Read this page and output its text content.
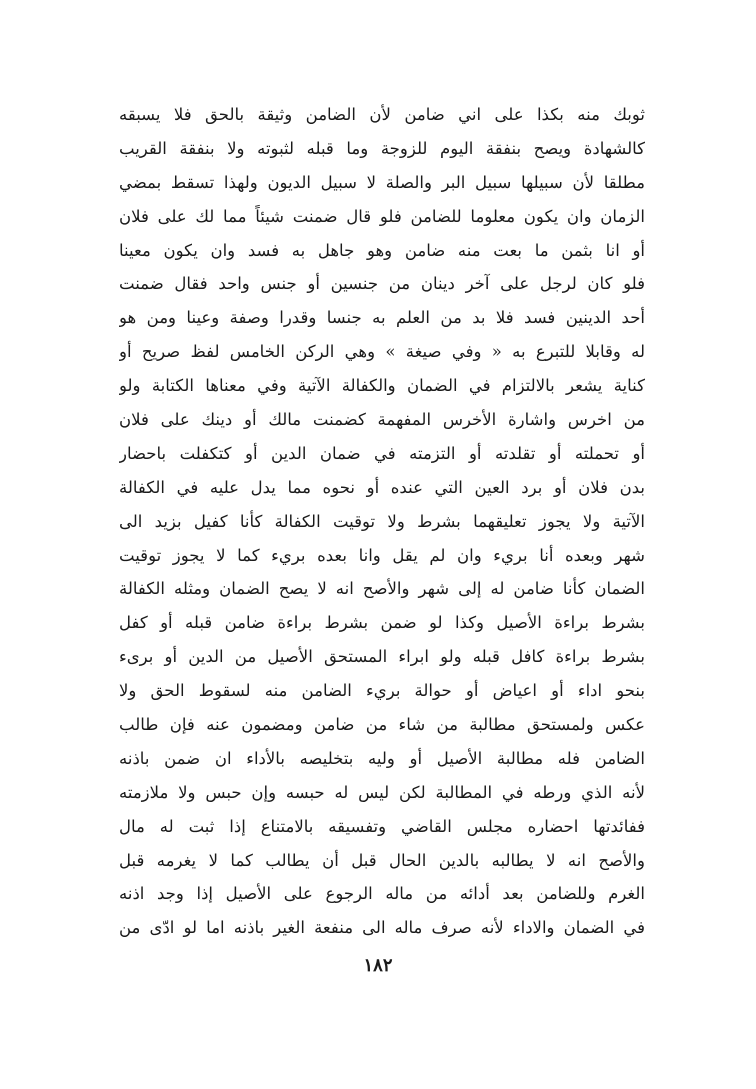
ثوبك منه بكذا على اني ضامن لأن الضامن وثيقة بالحق فلا يسبقه
كالشهادة ويصح بنفقة اليوم للزوجة وما قبله لثبوته ولا بنفقة القريب
مطلقا لأن سبيلها سبيل البر والصلة لا سبيل الديون ولهذا تسقط بمضي
الزمان وان يكون معلوما للضامن فلو قال ضمنت شيئاً مما لك على فلان
أو انا بثمن ما بعت منه ضامن وهو جاهل به فسد وان يكون معينا
فلو كان لرجل على آخر دينان من جنسين أو جنس واحد فقال ضمنت
أحد الدينين فسد فلا بد من العلم به جنسا وقدرا وصفة وعينا ومن هو
له وقابلا للتبرع به « وفي صيغة » وهي الركن الخامس لفظ صريح أو
كناية يشعر بالالتزام في الضمان والكفالة الآتية وفي معناها الكتابة ولو
من اخرس واشارة الأخرس المفهمة كضمنت مالك أو دينك على فلان
أو تحملته أو تقلدته أو التزمته في ضمان الدين أو كتكفلت باحضار
بدن فلان أو برد العين التي عنده أو نحوه مما يدل عليه في الكفالة
الآتية ولا يجوز تعليقهما بشرط ولا توقيت الكفالة كأنا كفيل بزيد الى
شهر وبعده أنا بريء وان لم يقل وانا بعده بريء كما لا يجوز توقيت
الضمان كأنا ضامن له إلى شهر والأصح انه لا يصح الضمان ومثله الكفالة
بشرط براءة الأصيل وكذا لو ضمن بشرط براءة ضامن قبله أو كفل
بشرط براءة كافل قبله ولو ابراء المستحق الأصيل من الدين أو برىء
بنحو اداء أو اعياض أو حوالة بريء الضامن منه لسقوط الحق ولا
عكس ولمستحق مطالبة من شاء من ضامن ومضمون عنه فإن طالب
الضامن فله مطالبة الأصيل أو وليه بتخليصه بالأداء ان ضمن باذنه
لأنه الذي ورطه في المطالبة لكن ليس له حبسه وإن حبس ولا ملازمته
ففائدتها احضاره مجلس القاضي وتفسيقه بالامتناع إذا ثبت له مال
والأصح انه لا يطالبه بالدين الحال قبل أن يطالب كما لا يغرمه قبل
الغرم وللضامن بعد أدائه من ماله الرجوع على الأصيل إذا وجد اذنه
في الضمان والاداء لأنه صرف ماله الى منفعة الغير باذنه اما لو ادّى من
١٨٢
